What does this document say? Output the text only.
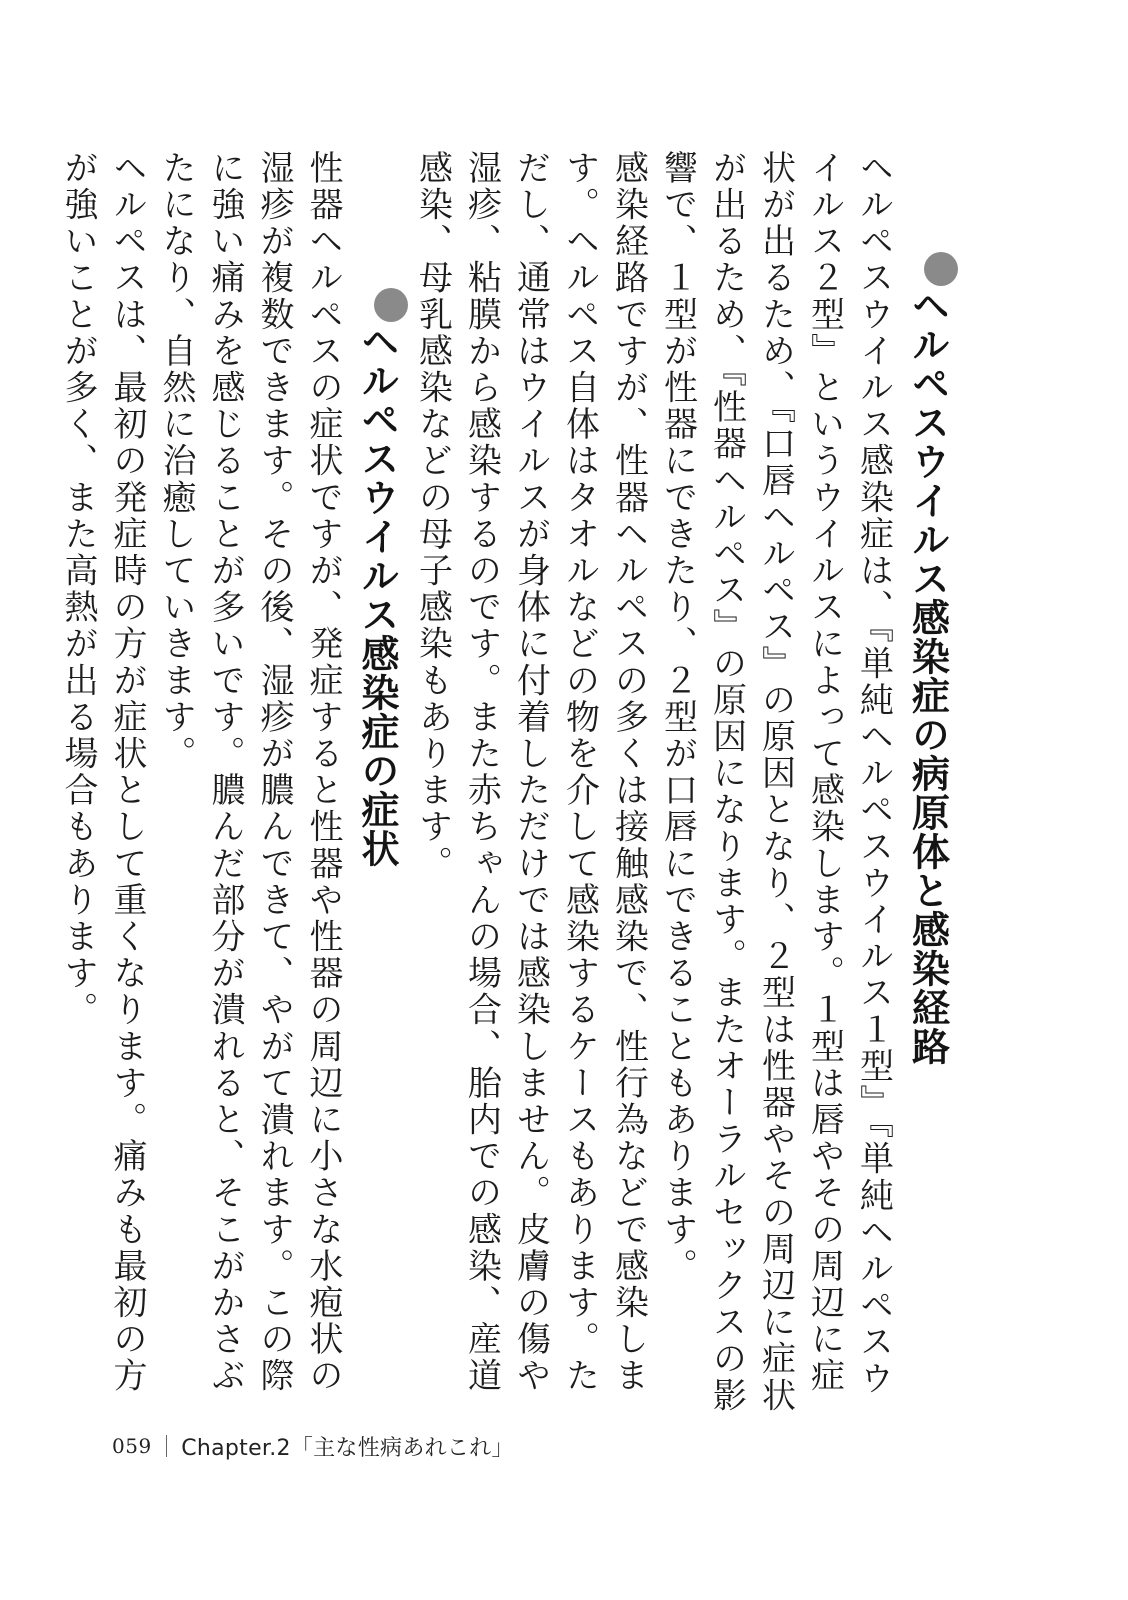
ヘルペスウイルス感染症の病原体と感染経路

ヘルペスウイルス感染症は、『単純ヘルペスウイルス１型』『単純ヘルペスウイルス２型』というウイルスによって感染します。１型は唇やその周辺に症状が出るため、『口唇ヘルペス』の原因となり、２型は性器やその周辺に症状が出るため、『性器ヘルペス』の原因になります。またオーラルセックスの影響で、１型が性器にできたり、２型が口唇にできることもあります。

感染経路ですが、性器ヘルペスの多くは接触感染で、性行為などで感染します。ヘルペス自体はタオルなどの物を介して感染するケースもあります。ただし、通常はウイルスが身体に付着しただけでは感染しません。皮膚の傷や湿疹、粘膜から感染するのです。また赤ちゃんの場合、胎内での感染、産道感染、母乳感染などの母子感染もあります。

ヘルペスウイルス感染症の症状

性器ヘルペスの症状ですが、発症すると性器や性器の周辺に小さな水疱状の湿疹が複数できます。その後、湿疹が膿んできて、やがて潰れます。この際に強い痛みを感じることが多いです。膿んだ部分が潰れると、そこがかさぶたになり、自然に治癒していきます。

ヘルペスは、最初の発症時の方が症状として重くなります。痛みも最初の方が強いことが多く、また高熱が出る場合もあります。

059 Chapter.2「主な性病あれこれ」
